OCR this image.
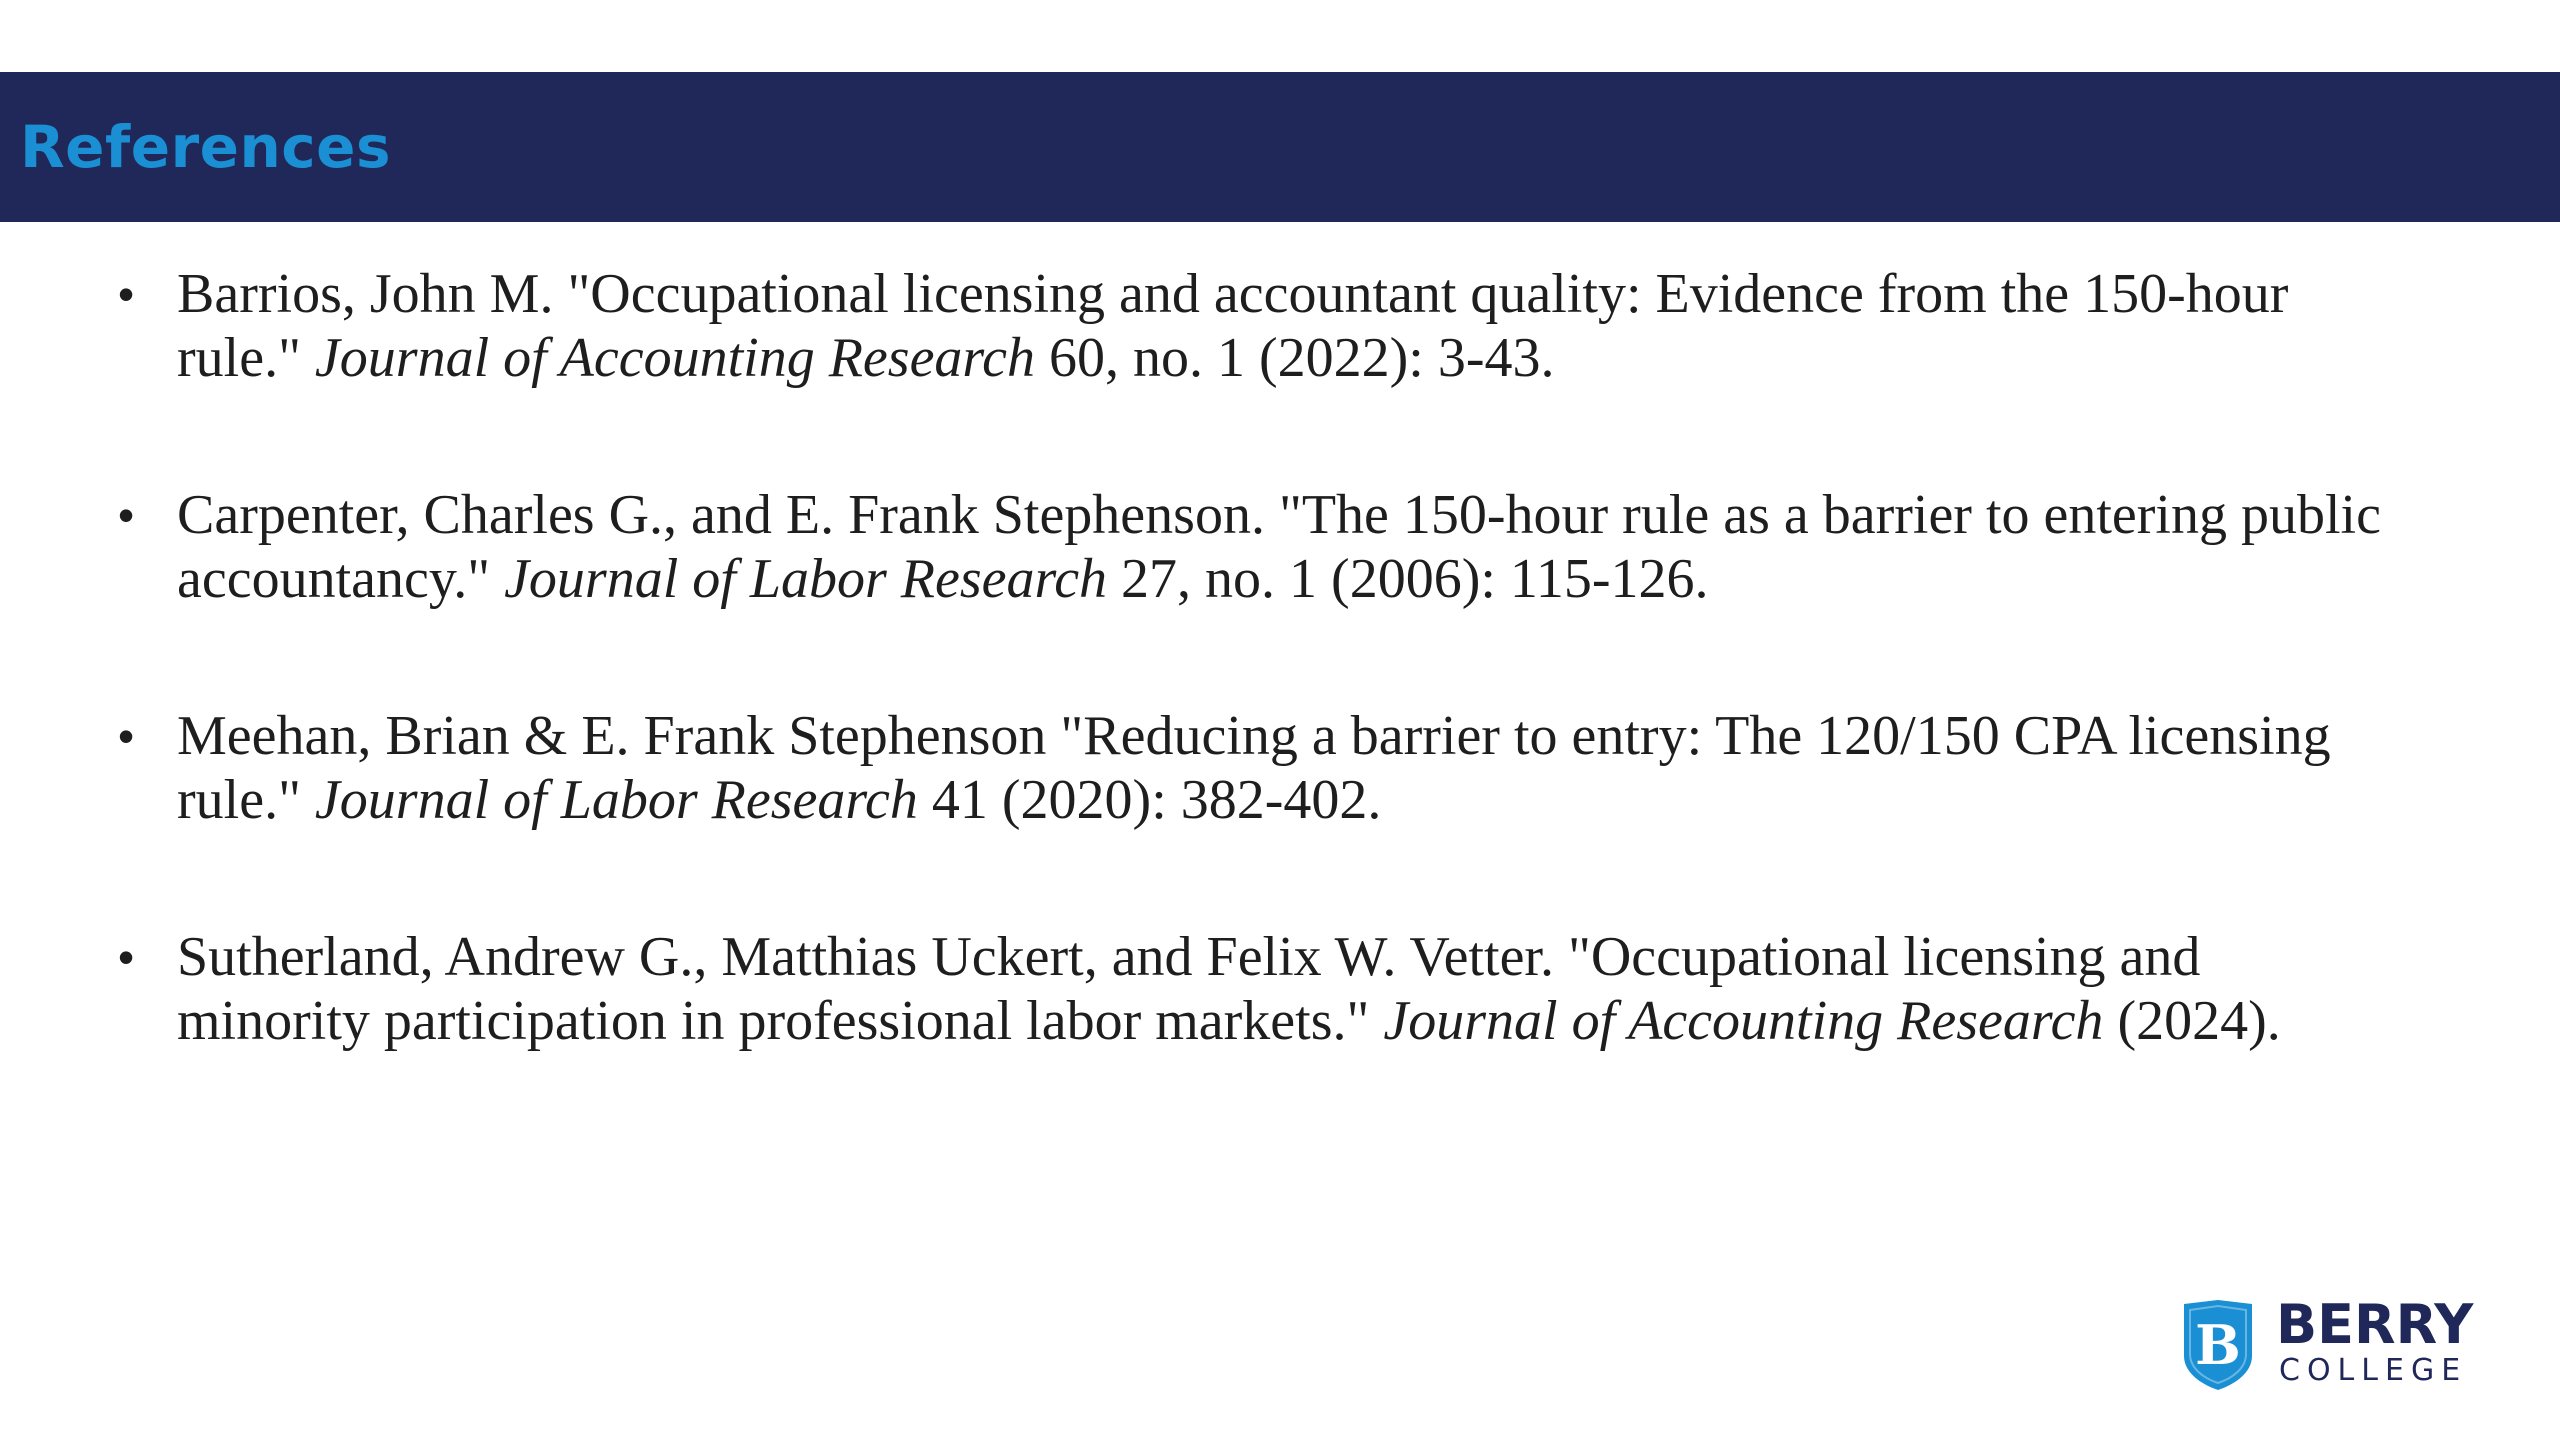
References
• Barrios, John M. "Occupational licensing and accountant quality: Evidence from the 150-hour rule." Journal of Accounting Research 60, no. 1 (2022): 3-43.
• Carpenter, Charles G., and E. Frank Stephenson. "The 150-hour rule as a barrier to entering public accountancy." Journal of Labor Research 27, no. 1 (2006): 115-126.
• Meehan, Brian & E. Frank Stephenson "Reducing a barrier to entry: The 120/150 CPA licensing rule." Journal of Labor Research 41 (2020): 382-402.
• Sutherland, Andrew G., Matthias Uckert, and Felix W. Vetter. "Occupational licensing and minority participation in professional labor markets." Journal of Accounting Research (2024).
B BERRY
COLLEGE
